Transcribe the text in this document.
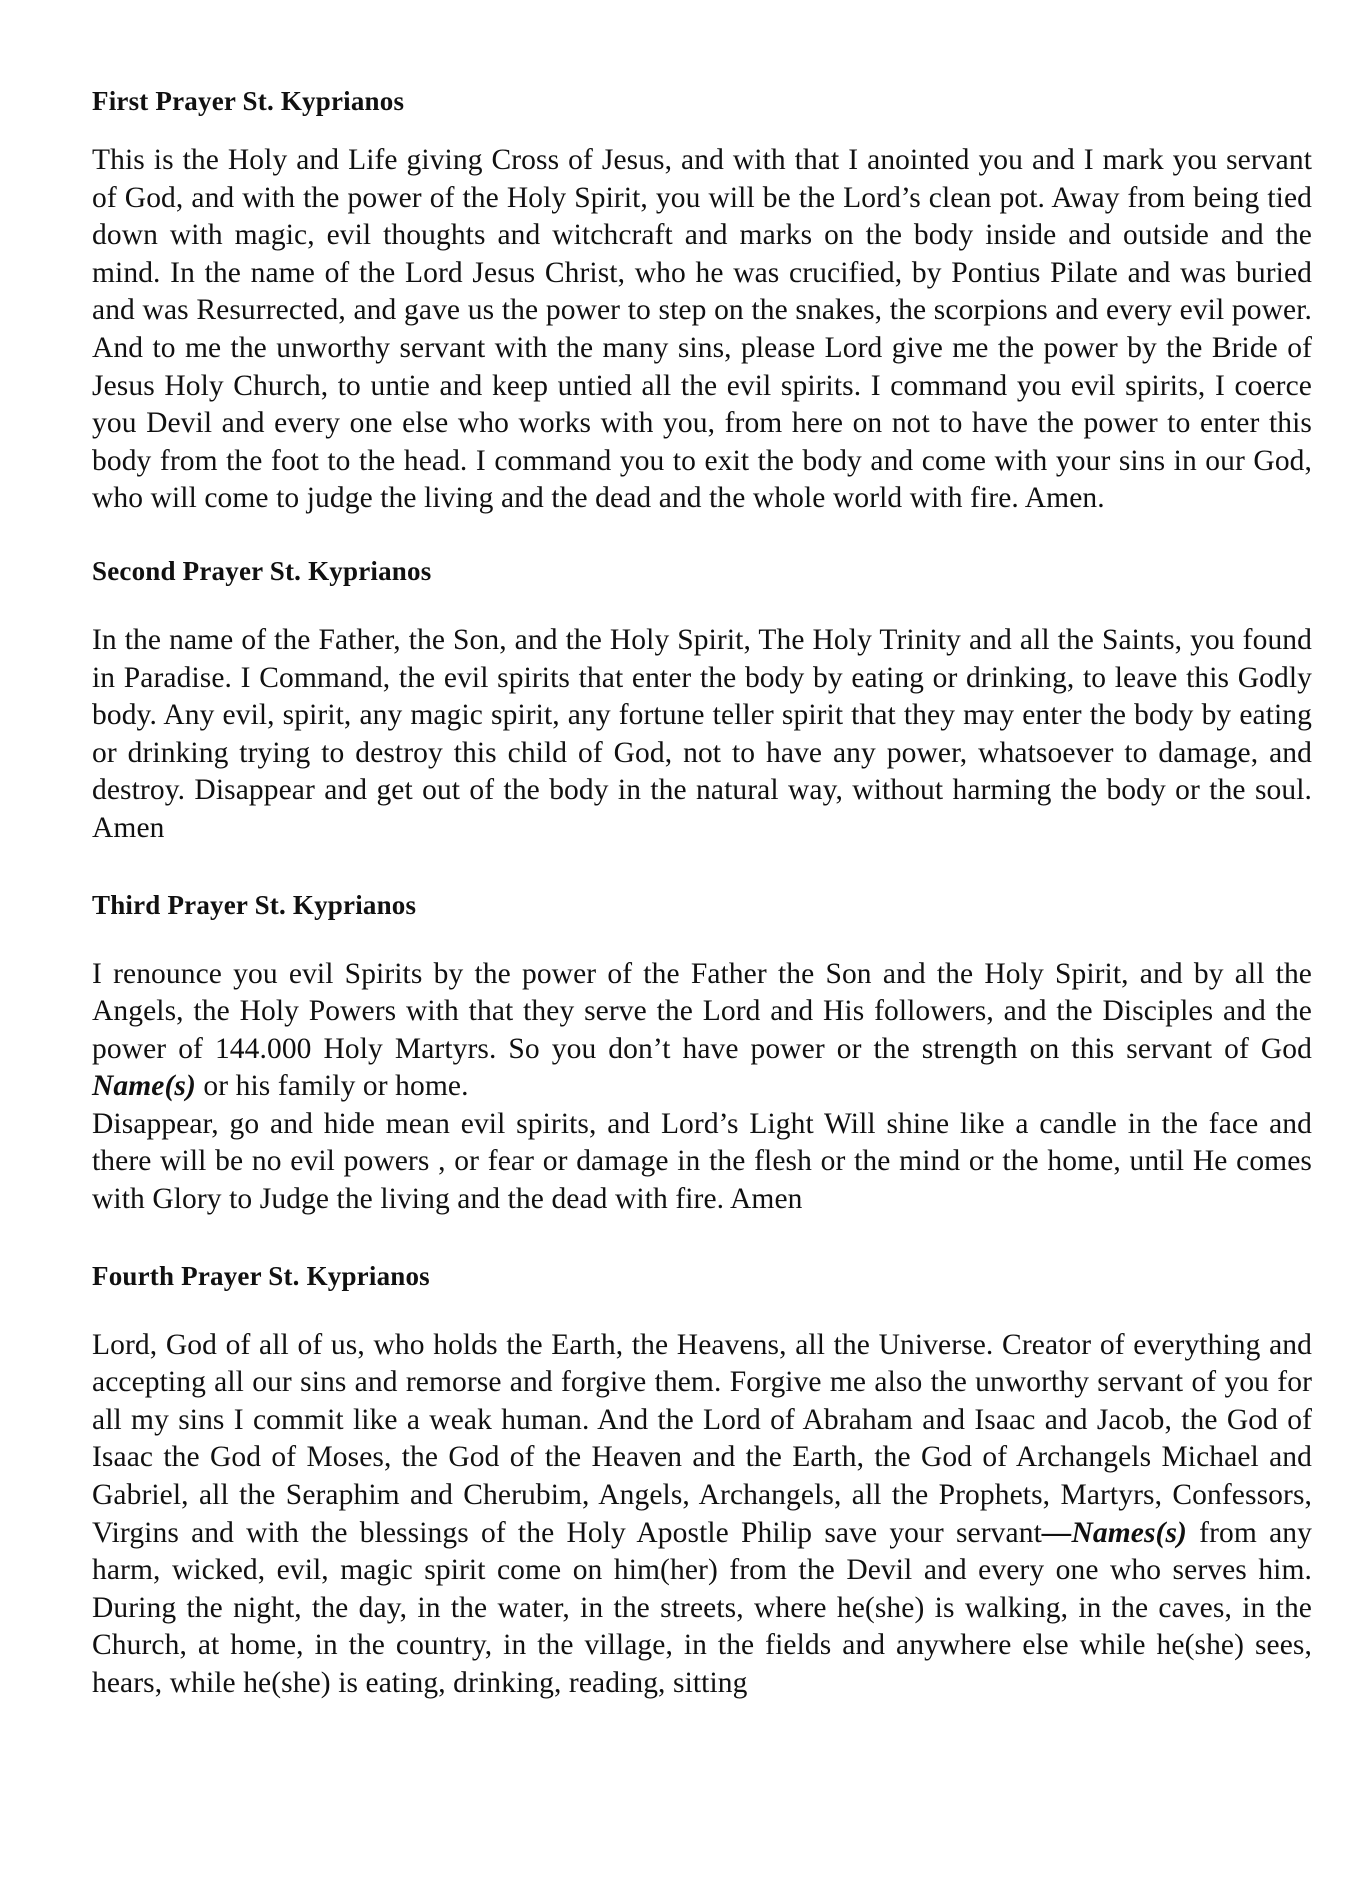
First Prayer St. Kyprianos

This is the Holy and Life giving Cross of Jesus, and with that I anointed you and I mark you servant of God, and with the power of the Holy Spirit, you will be the Lord’s clean pot. Away from being tied down with magic, evil thoughts and witchcraft and marks on the body inside and outside and the mind. In the name of the Lord Jesus Christ, who he was crucified, by Pontius Pilate and was buried and was Resurrected, and gave us the power to step on the snakes, the scorpions and every evil power. And to me the unworthy servant with the many sins, please Lord give me the power by the Bride of Jesus Holy Church, to untie and keep untied all the evil spirits. I command you evil spirits, I coerce you Devil and every one else who works with you, from here on not to have the power to enter this body from the foot to the head. I command you to exit the body and come with your sins in our God, who will come to judge the living and the dead and the whole world with fire. Amen.

Second Prayer St. Kyprianos

In the name of the Father, the Son, and the Holy Spirit, The Holy Trinity and all the Saints, you found in Paradise. I Command, the evil spirits that enter the body by eating or drinking, to leave this Godly body. Any evil, spirit, any magic spirit, any fortune teller spirit that they may enter the body by eating or drinking trying to destroy this child of God, not to have any power, whatsoever to damage, and destroy. Disappear and get out of the body in the natural way, without harming the body or the soul. Amen

Third Prayer St. Kyprianos

I renounce you evil Spirits by the power of the Father the Son and the Holy Spirit, and by all the Angels, the Holy Powers with that they serve the Lord and His followers, and the Disciples and the power of 144.000 Holy Martyrs. So you don’t have power or the strength on this servant of God Name(s) or his family or home.

Disappear, go and hide mean evil spirits, and Lord’s Light Will shine like a candle in the face and there will be no evil powers , or fear or damage in the flesh or the mind or the home, until He comes with Glory to Judge the living and the dead with fire. Amen

Fourth Prayer St. Kyprianos

Lord, God of all of us, who holds the Earth, the Heavens, all the Universe. Creator of everything and accepting all our sins and remorse and forgive them. Forgive me also the unworthy servant of you for all my sins I commit like a weak human. And the Lord of Abraham and Isaac and Jacob, the God of Isaac the God of Moses, the God of the Heaven and the Earth, the God of Archangels Michael and Gabriel, all the Seraphim and Cherubim, Angels, Archangels, all the Prophets, Martyrs, Confessors, Virgins and with the blessings of the Holy Apostle Philip save your servant—Names(s) from any harm, wicked, evil, magic spirit come on him(her) from the Devil and every one who serves him. During the night, the day, in the water, in the streets, where he(she) is walking, in the caves, in the Church, at home, in the country, in the village, in the fields and anywhere else while he(she) sees, hears, while he(she) is eating, drinking, reading, sitting
